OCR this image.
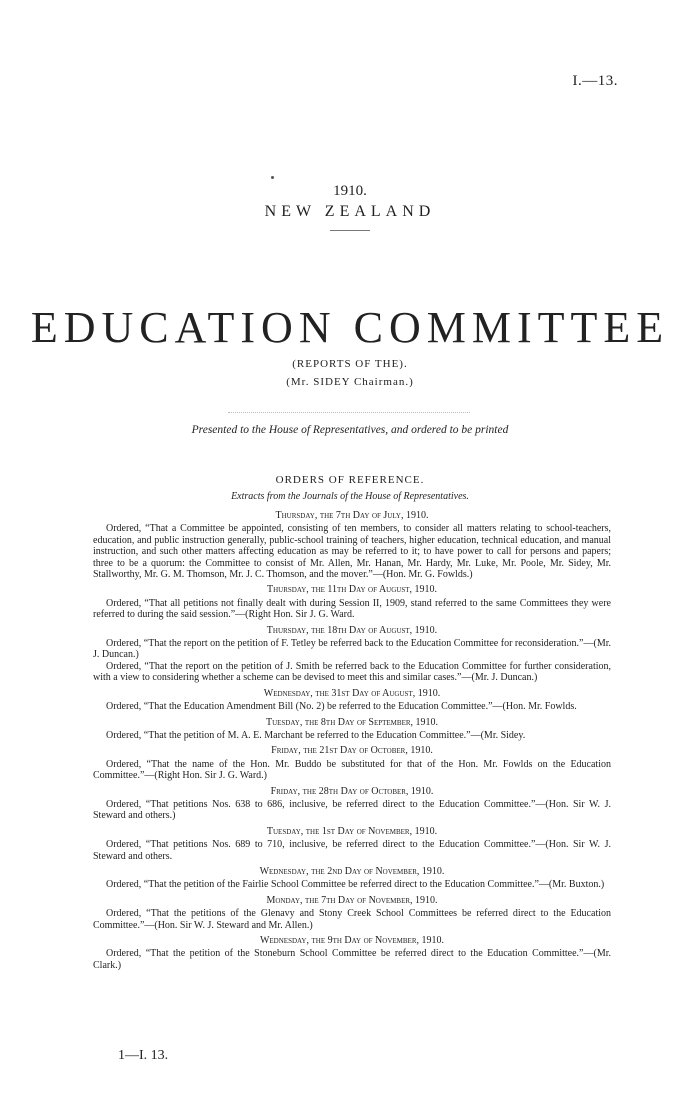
I.—13.
1910.
NEW ZEALAND
EDUCATION COMMITTEE
(REPORTS OF THE).
(Mr. SIDEY Chairman.)
Presented to the House of Representatives, and ordered to be printed
ORDERS OF REFERENCE.
Extracts from the Journals of the House of Representatives.
Thursday, the 7th Day of July, 1910.

Ordered, “That a Committee be appointed, consisting of ten members, to consider all matters relating to school-teachers, education, and public instruction generally, public-school training of teachers, higher education, technical education, and manual instruction, and such other matters affecting education as may be referred to it; to have power to call for persons and papers; three to be a quorum: the Committee to consist of Mr. Allen, Mr. Hanan, Mr. Hardy, Mr. Luke, Mr. Poole, Mr. Sidey, Mr. Stallworthy, Mr. G. M. Thomson, Mr. J. C. Thomson, and the mover.”—(Hon. Mr. G. Fowlds.)

Thursday, the 11th Day of August, 1910.

Ordered, “That all petitions not finally dealt with during Session II, 1909, stand referred to the same Committees they were referred to during the said session.”—(Right Hon. Sir J. G. Ward.

Thursday, the 18th Day of August, 1910.

Ordered, “That the report on the petition of F. Tetley be referred back to the Education Committee for reconsideration.”—(Mr. J. Duncan.)

Ordered, “That the report on the petition of J. Smith be referred back to the Education Committee for further consideration, with a view to considering whether a scheme can be devised to meet this and similar cases.”—(Mr. J. Duncan.)

Wednesday, the 31st Day of August, 1910.

Ordered, “That the Education Amendment Bill (No. 2) be referred to the Education Committee.”—(Hon. Mr. Fowlds.

Tuesday, the 8th Day of September, 1910.

Ordered, “That the petition of M. A. E. Marchant be referred to the Education Committee.”—(Mr. Sidey.

Friday, the 21st Day of October, 1910.

Ordered, “That the name of the Hon. Mr. Buddo be substituted for that of the Hon. Mr. Fowlds on the Education Committee.”—(Right Hon. Sir J. G. Ward.)

Friday, the 28th Day of October, 1910.

Ordered, “That petitions Nos. 638 to 686, inclusive, be referred direct to the Education Committee.”—(Hon. Sir W. J. Steward and others.)

Tuesday, the 1st Day of November, 1910.

Ordered, “That petitions Nos. 689 to 710, inclusive, be referred direct to the Education Committee.”—(Hon. Sir W. J. Steward and others.

Wednesday, the 2nd Day of November, 1910.

Ordered, “That the petition of the Fairlie School Committee be referred direct to the Education Committee.”—(Mr. Buxton.)

Monday, the 7th Day of November, 1910.

Ordered, “That the petitions of the Glenavy and Stony Creek School Committees be referred direct to the Education Committee.”—(Hon. Sir W. J. Steward and Mr. Allen.)

Wednesday, the 9th Day of November, 1910.

Ordered, “That the petition of the Stoneburn School Committee be referred direct to the Education Committee.”—(Mr. Clark.)

1—I. 13.
